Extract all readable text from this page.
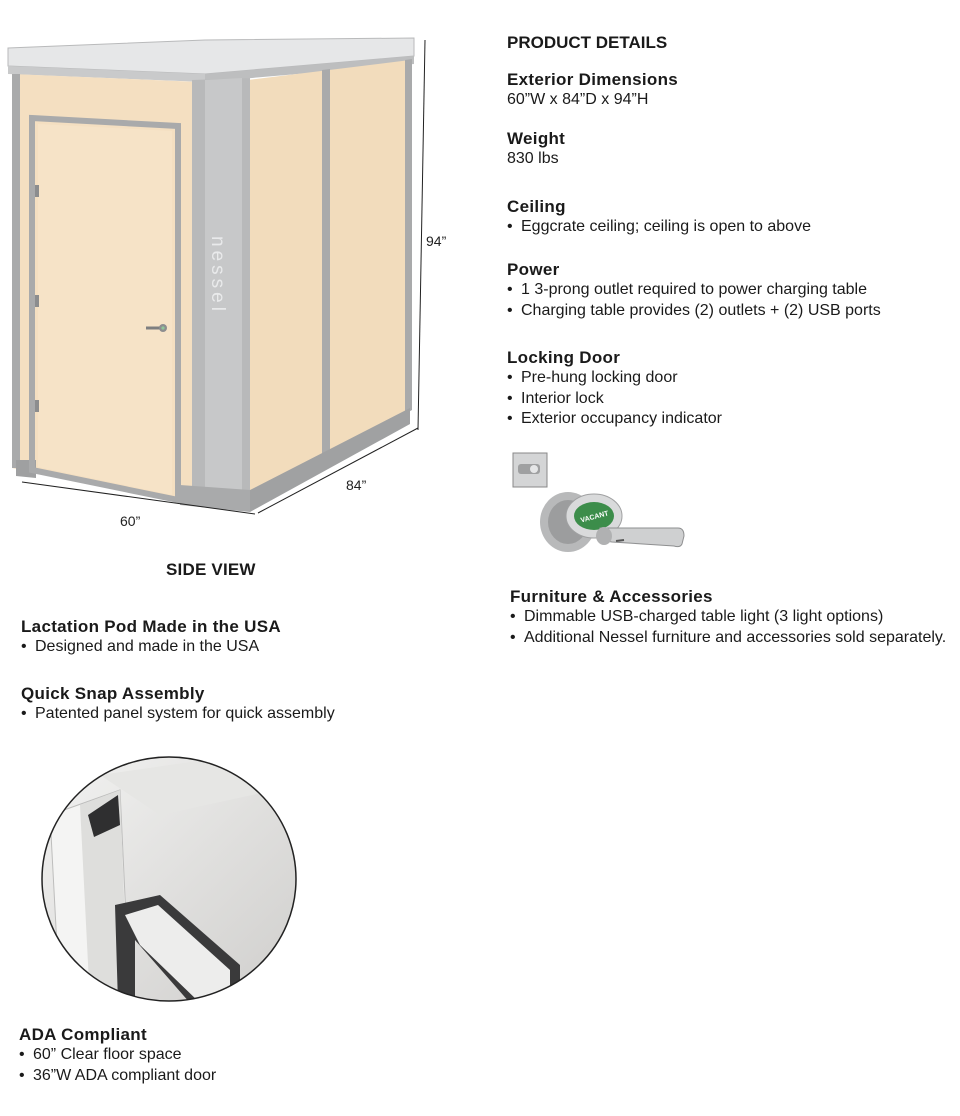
nessel	94”
84”
60”
SIDE VIEW
PRODUCT DETAILS
Exterior Dimensions

60”W x 84”D x 94”H

Weight

830 lbs

Ceiling
• Eggcrate ceiling; ceiling is open to above
Power
• 1 3-prong outlet required to power charging table
• Charging table provides (2) outlets + (2) USB ports
Locking Door
• Pre-hung locking door
• Interior lock
• Exterior occupancy indicator
VACANT
Furniture & Accessories
• Dimmable USB-charged table light (3 light options)
• Additional Nessel furniture and accessories sold separately.
Lactation Pod Made in the USA
• Designed and made in the USA
Quick Snap Assembly
• Patented panel system for quick assembly
ADA Compliant
• 60” Clear floor space
• 36”W ADA compliant door
